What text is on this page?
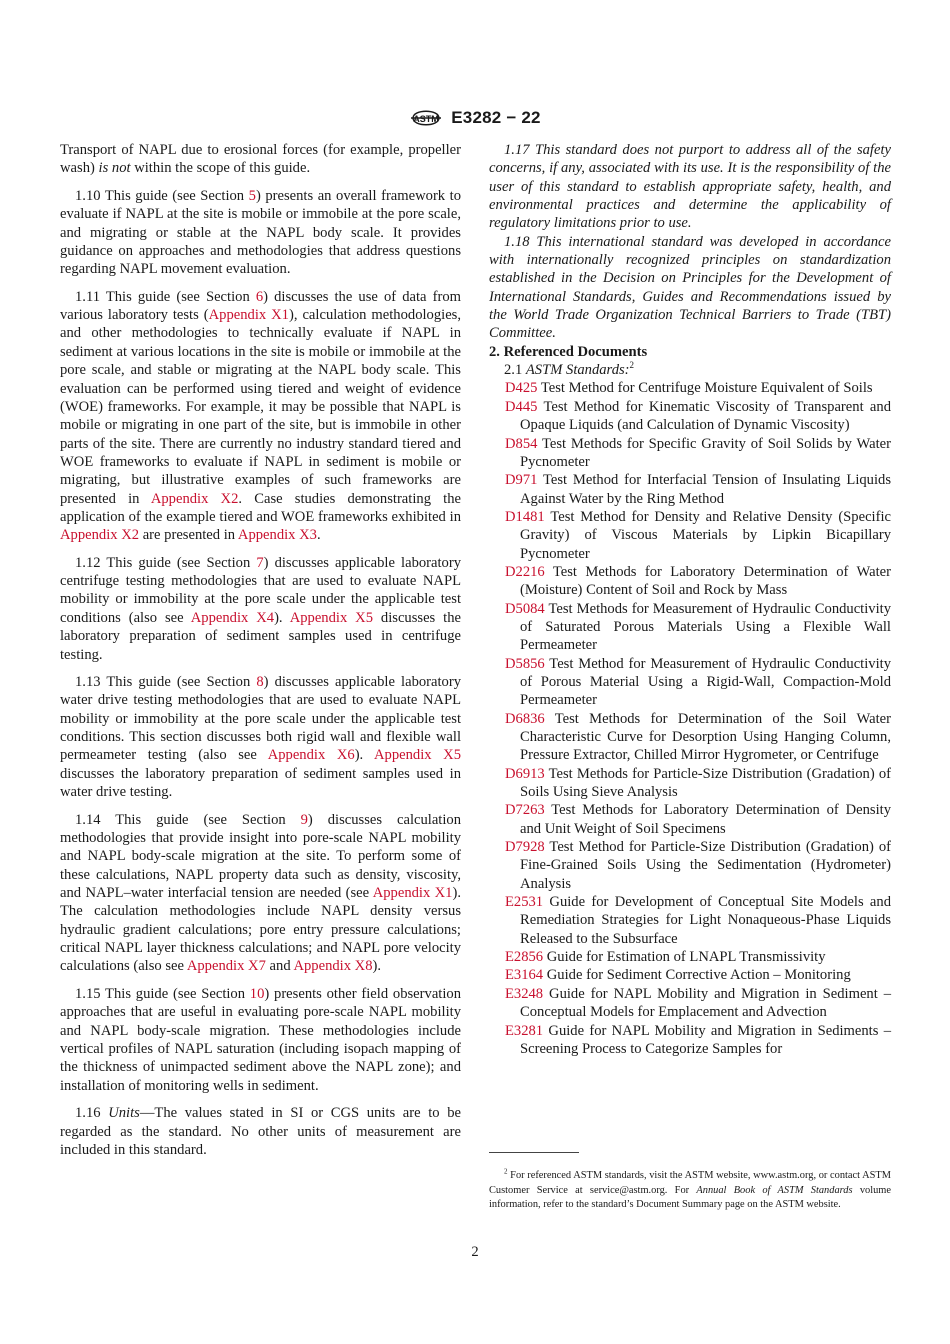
ASTM E3282 − 22

Transport of NAPL due to erosional forces (for example, propeller wash) is not within the scope of this guide.

1.10 This guide (see Section 5) presents an overall framework to evaluate if NAPL at the site is mobile or immobile at the pore scale, and migrating or stable at the NAPL body scale. It provides guidance on approaches and methodologies that address questions regarding NAPL movement evaluation.

1.11 This guide (see Section 6) discusses the use of data from various laboratory tests (Appendix X1), calculation methodologies, and other methodologies to technically evaluate if NAPL in sediment at various locations in the site is mobile or immobile at the pore scale, and stable or migrating at the NAPL body scale. This evaluation can be performed using tiered and weight of evidence (WOE) frameworks. For example, it may be possible that NAPL is mobile or migrating in one part of the site, but is immobile in other parts of the site. There are currently no industry standard tiered and WOE frameworks to evaluate if NAPL in sediment is mobile or migrating, but illustrative examples of such frameworks are presented in Appendix X2. Case studies demonstrating the application of the example tiered and WOE frameworks exhibited in Appendix X2 are presented in Appendix X3.

1.12 This guide (see Section 7) discusses applicable laboratory centrifuge testing methodologies that are used to evaluate NAPL mobility or immobility at the pore scale under the applicable test conditions (also see Appendix X4). Appendix X5 discusses the laboratory preparation of sediment samples used in centrifuge testing.

1.13 This guide (see Section 8) discusses applicable laboratory water drive testing methodologies that are used to evaluate NAPL mobility or immobility at the pore scale under the applicable test conditions. This section discusses both rigid wall and flexible wall permeameter testing (also see Appendix X6). Appendix X5 discusses the laboratory preparation of sediment samples used in water drive testing.

1.14 This guide (see Section 9) discusses calculation methodologies that provide insight into pore-scale NAPL mobility and NAPL body-scale migration at the site. To perform some of these calculations, NAPL property data such as density, viscosity, and NAPL–water interfacial tension are needed (see Appendix X1). The calculation methodologies include NAPL density versus hydraulic gradient calculations; pore entry pressure calculations; critical NAPL layer thickness calculations; and NAPL pore velocity calculations (also see Appendix X7 and Appendix X8).

1.15 This guide (see Section 10) presents other field observation approaches that are useful in evaluating pore-scale NAPL mobility and NAPL body-scale migration. These methodologies include vertical profiles of NAPL saturation (including isopach mapping of the thickness of unimpacted sediment above the NAPL zone); and installation of monitoring wells in sediment.

1.16 Units—The values stated in SI or CGS units are to be regarded as the standard. No other units of measurement are included in this standard.

1.17 This standard does not purport to address all of the safety concerns, if any, associated with its use. It is the responsibility of the user of this standard to establish appropriate safety, health, and environmental practices and determine the applicability of regulatory limitations prior to use.

1.18 This international standard was developed in accordance with internationally recognized principles on standardization established in the Decision on Principles for the Development of International Standards, Guides and Recommendations issued by the World Trade Organization Technical Barriers to Trade (TBT) Committee.

2. Referenced Documents

2.1 ASTM Standards:$^2$

D425 Test Method for Centrifuge Moisture Equivalent of Soils
D445 Test Method for Kinematic Viscosity of Transparent and Opaque Liquids (and Calculation of Dynamic Viscosity)
D854 Test Methods for Specific Gravity of Soil Solids by Water Pycnometer
D971 Test Method for Interfacial Tension of Insulating Liquids Against Water by the Ring Method
D1481 Test Method for Density and Relative Density (Specific Gravity) of Viscous Materials by Lipkin Bicapillary Pycnometer
D2216 Test Methods for Laboratory Determination of Water (Moisture) Content of Soil and Rock by Mass
D5084 Test Methods for Measurement of Hydraulic Conductivity of Saturated Porous Materials Using a Flexible Wall Permeameter
D5856 Test Method for Measurement of Hydraulic Conductivity of Porous Material Using a Rigid-Wall, Compaction-Mold Permeameter
D6836 Test Methods for Determination of the Soil Water Characteristic Curve for Desorption Using Hanging Column, Pressure Extractor, Chilled Mirror Hygrometer, or Centrifuge
D6913 Test Methods for Particle-Size Distribution (Gradation) of Soils Using Sieve Analysis
D7263 Test Methods for Laboratory Determination of Density and Unit Weight of Soil Specimens
D7928 Test Method for Particle-Size Distribution (Gradation) of Fine-Grained Soils Using the Sedimentation (Hydrometer) Analysis
E2531 Guide for Development of Conceptual Site Models and Remediation Strategies for Light Nonaqueous-Phase Liquids Released to the Subsurface
E2856 Guide for Estimation of LNAPL Transmissivity
E3164 Guide for Sediment Corrective Action – Monitoring
E3248 Guide for NAPL Mobility and Migration in Sediment – Conceptual Models for Emplacement and Advection
E3281 Guide for NAPL Mobility and Migration in Sediments – Screening Process to Categorize Samples for

$^2$ For referenced ASTM standards, visit the ASTM website, www.astm.org, or contact ASTM Customer Service at service@astm.org. For Annual Book of ASTM Standards volume information, refer to the standard’s Document Summary page on the ASTM website.

2
